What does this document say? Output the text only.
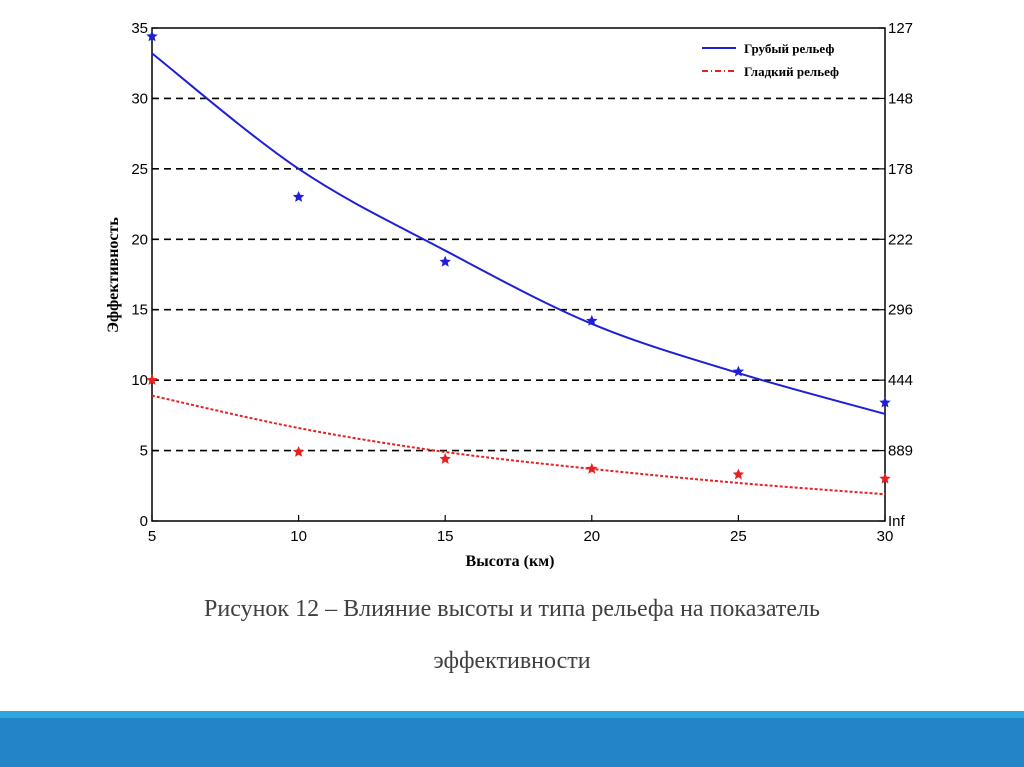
0	Inf
5	889
10	444
15	296
20	222
25	178
30	148
35	127
5	10	15	20	25	30
Высота (км)
Эффективность
Грубый рельеф
Гладкий рельеф
Рисунок 12 – Влияние высоты и типа рельефа на показатель
эффективности
